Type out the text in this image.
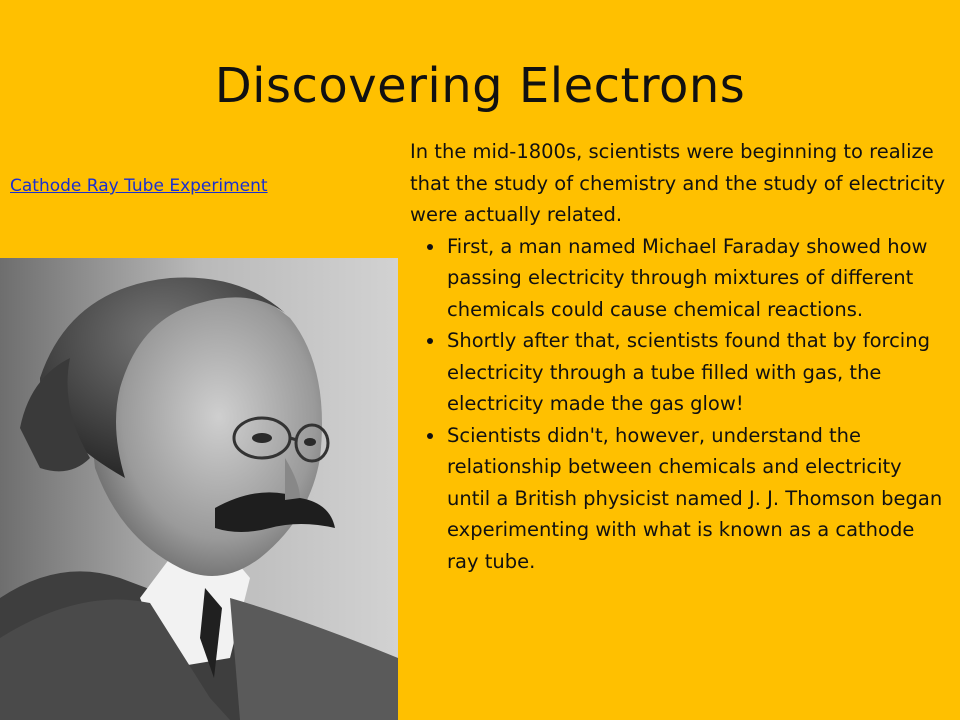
Discovering Electrons
Cathode Ray Tube Experiment

In the mid-1800s, scientists were beginning to realize that the study of chemistry and the study of electricity were actually related.

First, a man named Michael Faraday showed how passing electricity through mixtures of different chemicals could cause chemical reactions.
Shortly after that, scientists found that by forcing electricity through a tube filled with gas, the electricity made the gas glow!
Scientists didn't, however, understand the relationship between chemicals and electricity until a British physicist named J. J. Thomson began experimenting with what is known as a cathode ray tube.
